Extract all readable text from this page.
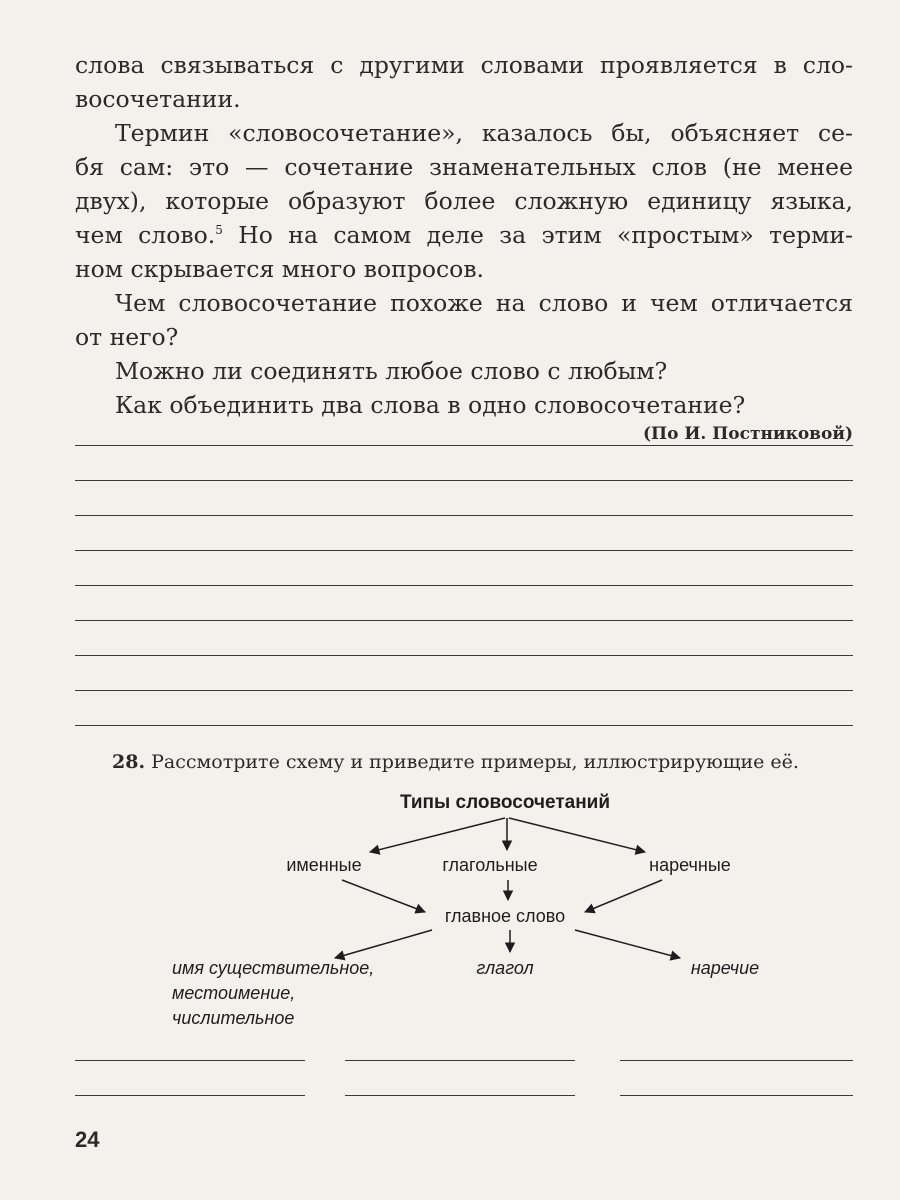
слова связываться с другими словами проявляется в сло-

восочетании.

Термин «словосочетание», казалось бы, объясняет се-

бя сам: это — сочетание знаменательных слов (не менее

двух), которые образуют более сложную единицу языка,

чем слово.$^5$ Но на самом деле за этим «простым» терми-

ном скрывается много вопросов.

Чем словосочетание похоже на слово и чем отличается

от него?

Можно ли соединять любое слово с любым?

Как объединить два слова в одно словосочетание?

(По И. Постниковой)
28. Рассмотрите схему и приведите примеры, иллюстрирующие её.
Типы словосочетаний
именные	глагольные	наречные
главное слово
имя существительное,
местоимение,
числительное
глагол	наречие
24
